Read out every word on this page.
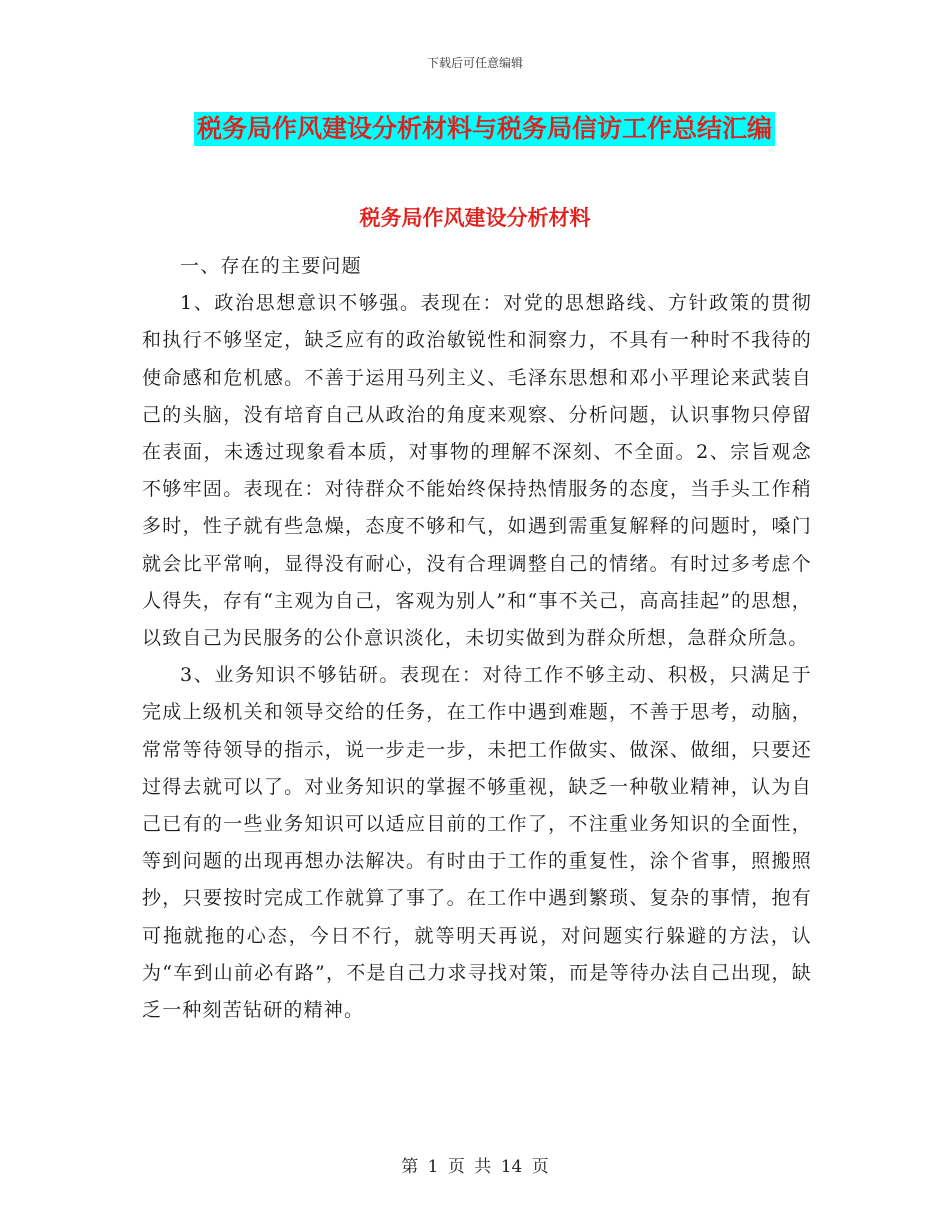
下载后可任意编辑
税务局作风建设分析材料与税务局信访工作总结汇编
税务局作风建设分析材料

一、存在的主要问题

1、政治思想意识不够强。表现在：对党的思想路线、方针政策的贯彻和执行不够坚定，缺乏应有的政治敏锐性和洞察力，不具有一种时不我待的使命感和危机感。不善于运用马列主义、毛泽东思想和邓小平理论来武装自己的头脑，没有培育自己从政治的角度来观察、分析问题，认识事物只停留在表面，未透过现象看本质，对事物的理解不深刻、不全面。2、宗旨观念不够牢固。表现在：对待群众不能始终保持热情服务的态度，当手头工作稍多时，性子就有些急燥，态度不够和气，如遇到需重复解释的问题时，嗓门就会比平常响，显得没有耐心，没有合理调整自己的情绪。有时过多考虑个人得失，存有“主观为自己，客观为别人”和“事不关己，高高挂起”的思想，以致自己为民服务的公仆意识淡化，未切实做到为群众所想，急群众所急。

3、业务知识不够钻研。表现在：对待工作不够主动、积极，只满足于完成上级机关和领导交给的任务，在工作中遇到难题，不善于思考，动脑，常常等待领导的指示，说一步走一步，未把工作做实、做深、做细，只要还过得去就可以了。对业务知识的掌握不够重视，缺乏一种敬业精神，认为自己已有的一些业务知识可以适应目前的工作了，不注重业务知识的全面性，等到问题的出现再想办法解决。有时由于工作的重复性，涂个省事，照搬照抄，只要按时完成工作就算了事了。在工作中遇到繁琐、复杂的事情，抱有可拖就拖的心态，今日不行，就等明天再说，对问题实行躲避的方法，认为“车到山前必有路”，不是自己力求寻找对策，而是等待办法自己出现，缺乏一种刻苦钻研的精神。

第 1 页 共 14 页
